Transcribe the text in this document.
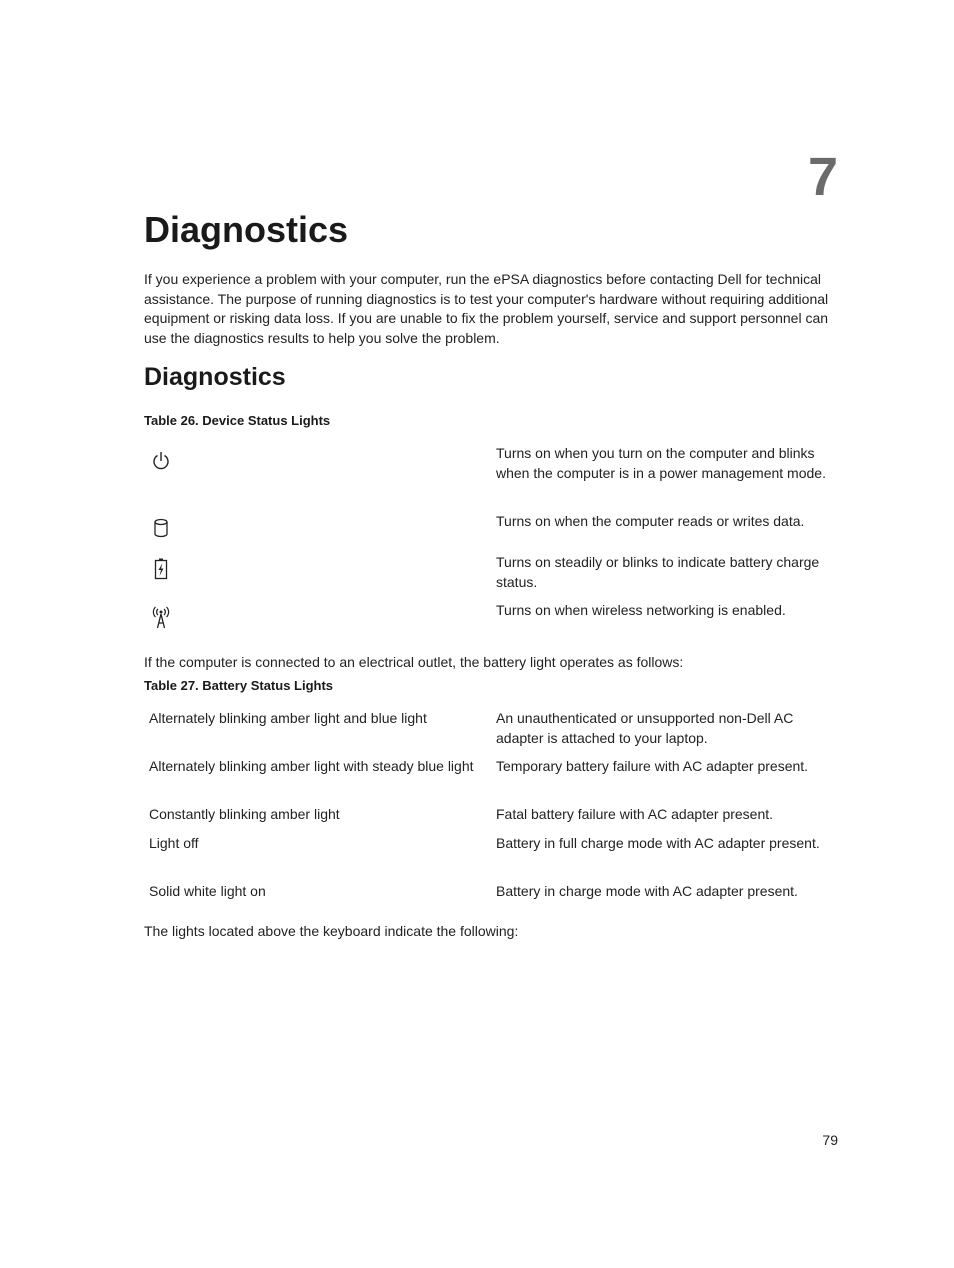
7
Diagnostics

If you experience a problem with your computer, run the ePSA diagnostics before contacting Dell for technical assistance. The purpose of running diagnostics is to test your computer's hardware without requiring additional equipment or risking data loss. If you are unable to fix the problem yourself, service and support personnel can use the diagnostics results to help you solve the problem.

Diagnostics
Table 26. Device Status Lights
Turns on when you turn on the computer and blinks when the computer is in a power management mode.
Turns on when the computer reads or writes data.
Turns on steadily or blinks to indicate battery charge status.
Turns on when wireless networking is enabled.

If the computer is connected to an electrical outlet, the battery light operates as follows:

Table 27. Battery Status Lights
Alternately blinking amber light and blue light	An unauthenticated or unsupported non-Dell AC adapter is attached to your laptop.
Alternately blinking amber light with steady blue light	Temporary battery failure with AC adapter present.
Constantly blinking amber light	Fatal battery failure with AC adapter present.
Light off	Battery in full charge mode with AC adapter present.
Solid white light on	Battery in charge mode with AC adapter present.

The lights located above the keyboard indicate the following:

79
